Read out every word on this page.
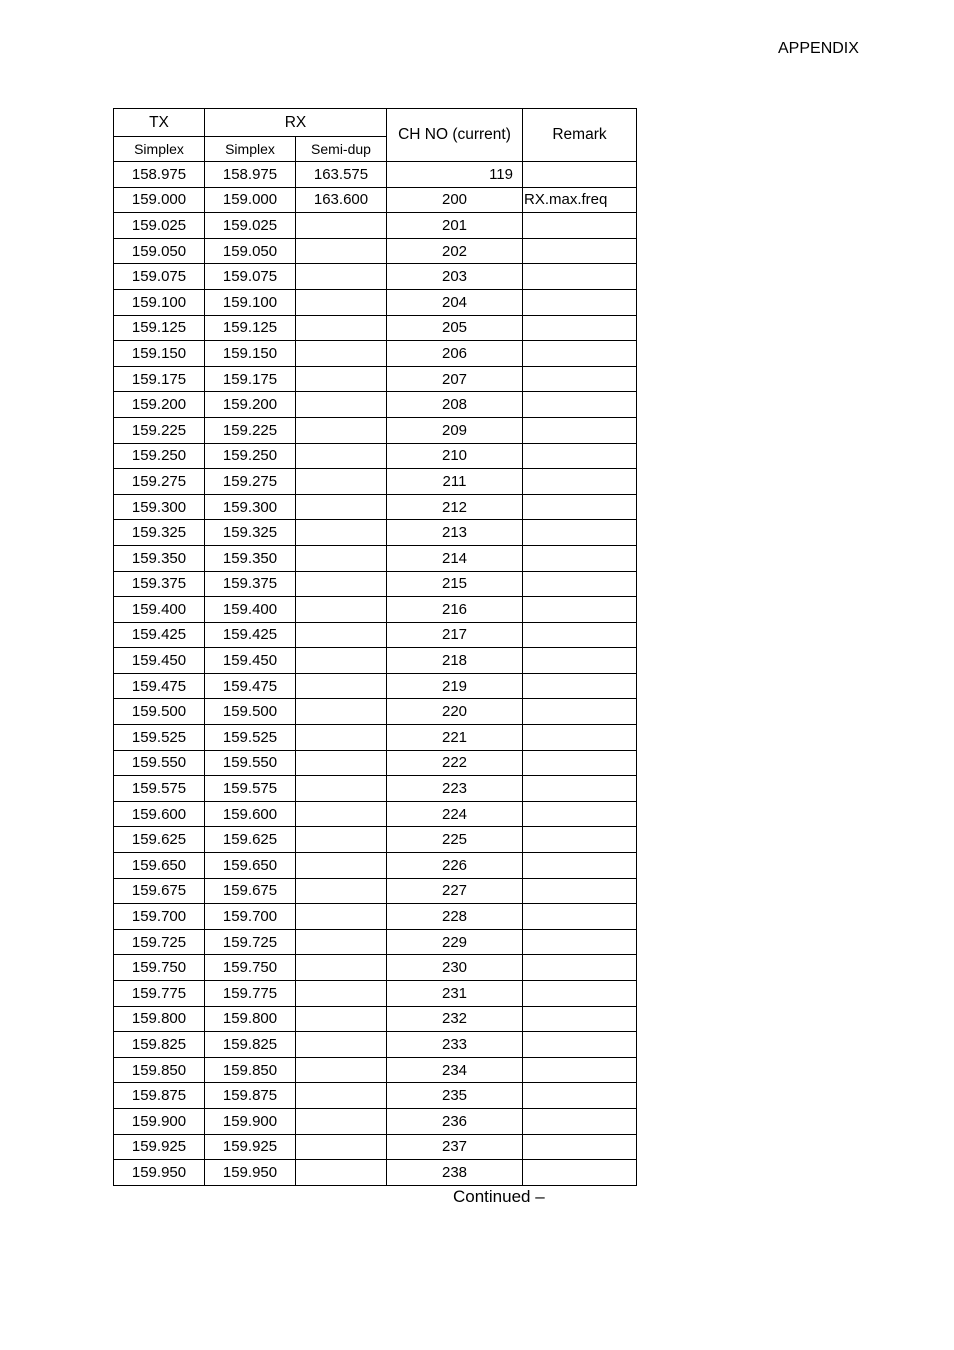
APPENDIX
TX	RX		CH NO (current)	Remark
Simplex	Simplex	Semi-dup		
158.975	158.975	163.575	119	
159.000	159.000	163.600	200	RX.max.freq
159.025	159.025		201	
159.050	159.050		202	
159.075	159.075		203	
159.100	159.100		204	
159.125	159.125		205	
159.150	159.150		206	
159.175	159.175		207	
159.200	159.200		208	
159.225	159.225		209	
159.250	159.250		210	
159.275	159.275		211	
159.300	159.300		212	
159.325	159.325		213	
159.350	159.350		214	
159.375	159.375		215	
159.400	159.400		216	
159.425	159.425		217	
159.450	159.450		218	
159.475	159.475		219	
159.500	159.500		220	
159.525	159.525		221	
159.550	159.550		222	
159.575	159.575		223	
159.600	159.600		224	
159.625	159.625		225	
159.650	159.650		226	
159.675	159.675		227	
159.700	159.700		228	
159.725	159.725		229	
159.750	159.750		230	
159.775	159.775		231	
159.800	159.800		232	
159.825	159.825		233	
159.850	159.850		234	
159.875	159.875		235	
159.900	159.900		236	
159.925	159.925		237	
159.950	159.950		238	
Continued –
